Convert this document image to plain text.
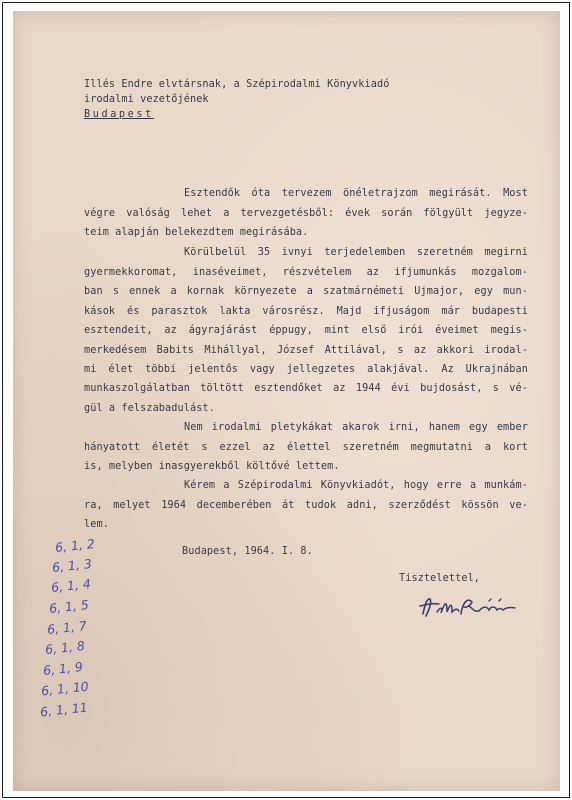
Illés Endre elvtársnak, a Szépirodalmi Könyvkiadó
irodalmi vezetőjének
Budapest
Esztendők óta tervezem önéletrajzom megirását. Most
végre valóság lehet a tervezgetésből: évek során fölgyült jegyze-
teim alapján belekezdtem megirásába.
Körülbelül 35 ivnyi terjedelemben szeretném megirni
gyermekkoromat, inaséveimet, részvételem az ifjumunkás mozgalom-
ban s ennek a kornak környezete a szatmárnémeti Ujmajor, egy mun-
kások és parasztok lakta városrész. Majd ifjuságom már budapesti
esztendeit, az ágyrajárást éppugy, mint első irói éveimet megis-
merkedésem Babits Mihállyal, József Attilával, s az akkori irodal-
mi élet többi jelentős vagy jellegzetes alakjával. Az Ukrajnában
munkaszolgálatban töltött esztendőket az 1944 évi bujdosást, s vé-
gül a felszabadulást.
Nem irodalmi pletykákat akarok irni, hanem egy ember
hányatott életét s ezzel az élettel szeretném megmutatni a kort
is, melyben inasgyerekből költővé lettem.
Kérem a Szépirodalmi Könyvkiadót, hogy erre a munkám-
ra, melyet 1964 decemberében át tudok adni, szerződést kössön ve-
lem.
Budapest, 1964. I. 8.
Tisztelettel,
6, 1, 2
6, 1, 3
6, 1, 4
6, 1, 5
6, 1, 7
6, 1, 8
6, 1, 9
6, 1, 10
6, 1, 11
